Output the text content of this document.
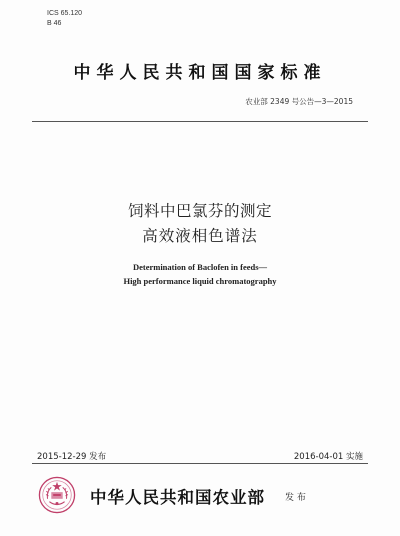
ICS 65.120
B 46
中华人民共和国国家标准
农业部 2349 号公告—3—2015
饲料中巴氯芬的测定
高效液相色谱法
Determination of Baclofen in feeds—
High performance liquid chromatography
2015-12-29 发布	2016-04-01 实施
中华人民共和国农业部 发 布
